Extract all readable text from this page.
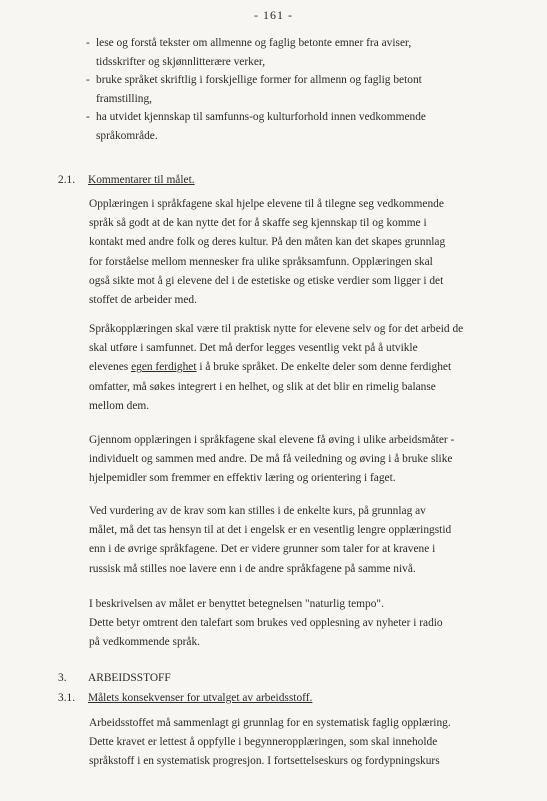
- 161 -
- lese og forstå tekster om allmenne og faglig betonte emner fra aviser,
tidsskrifter og skjønnlitterære verker,
- bruke språket skriftlig i forskjellige former for allmenn og faglig betont
framstilling,
- ha utvidet kjennskap til samfunns-og kulturforhold innen vedkommende
språkområde.
2.1.	Kommentarer til målet.
Opplæringen i språkfagene skal hjelpe elevene til å tilegne seg vedkommende
språk så godt at de kan nytte det for å skaffe seg kjennskap til og komme i
kontakt med andre folk og deres kultur. På den måten kan det skapes grunnlag
for forståelse mellom mennesker fra ulike språksamfunn. Opplæringen skal
også sikte mot å gi elevene del i de estetiske og etiske verdier som ligger i det
stoffet de arbeider med.
Språkopplæringen skal være til praktisk nytte for elevene selv og for det arbeid de
skal utføre i samfunnet. Det må derfor legges vesentlig vekt på å utvikle
elevenes egen ferdighet i å bruke språket. De enkelte deler som denne ferdighet
omfatter, må søkes integrert i en helhet, og slik at det blir en rimelig balanse
mellom dem.
Gjennom opplæringen i språkfagene skal elevene få øving i ulike arbeidsmåter -
individuelt og sammen med andre. De må få veiledning og øving i å bruke slike
hjelpemidler som fremmer en effektiv læring og orientering i faget.
Ved vurdering av de krav som kan stilles i de enkelte kurs, på grunnlag av
målet, må det tas hensyn til at det i engelsk er en vesentlig lengre opplæringstid
enn i de øvrige språkfagene. Det er videre grunner som taler for at kravene i
russisk må stilles noe lavere enn i de andre språkfagene på samme nivå.
I beskrivelsen av målet er benyttet betegnelsen "naturlig tempo".
Dette betyr omtrent den talefart som brukes ved opplesning av nyheter i radio
på vedkommende språk.
3.	ARBEIDSSTOFF
3.1.	Målets konsekvenser for utvalget av arbeidsstoff.
Arbeidsstoffet må sammenlagt gi grunnlag for en systematisk faglig opplæring.
Dette kravet er lettest å oppfylle i begynneropplæringen, som skal inneholde
språkstoff i en systematisk progresjon. I fortsettelseskurs og fordypningskurs
